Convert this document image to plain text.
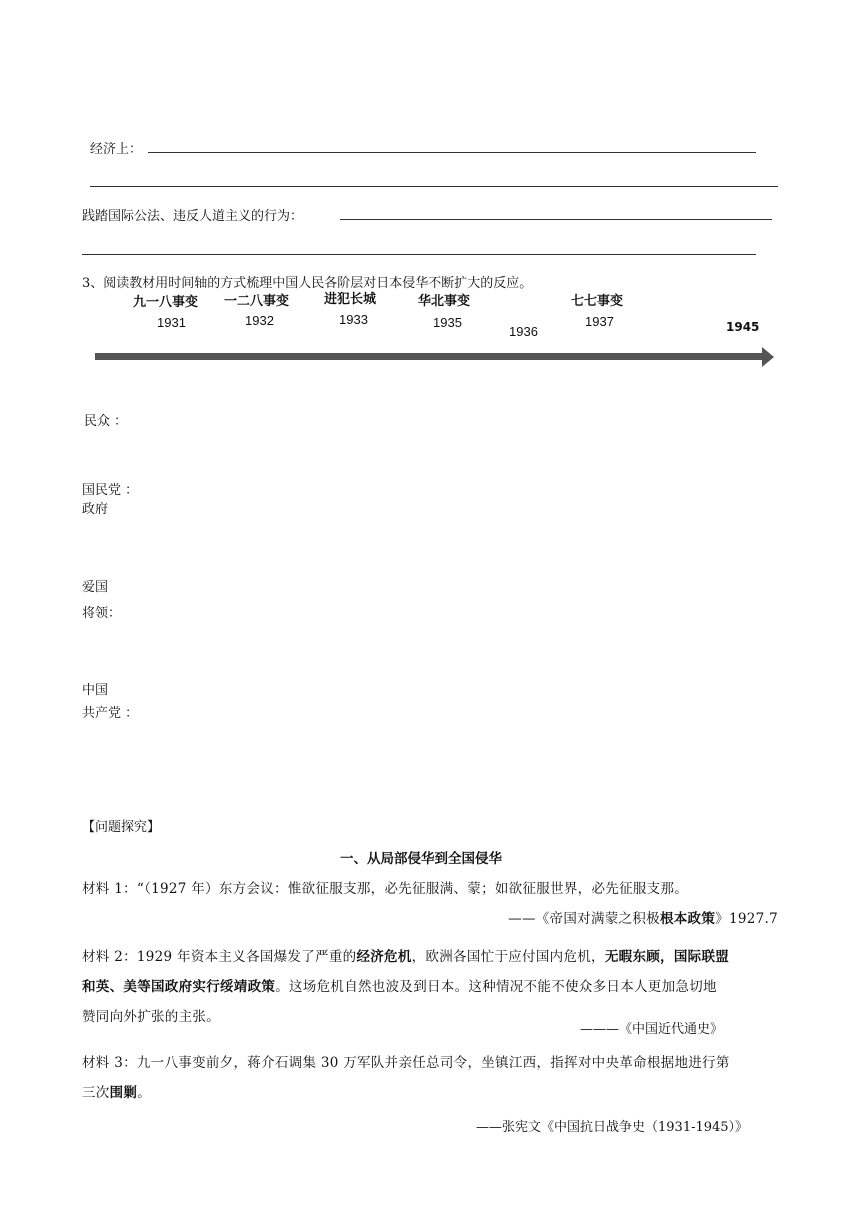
经济上：
践踏国际公法、违反人道主义的行为：
3、阅读教材用时间轴的方式梳理中国人民各阶层对日本侵华不断扩大的反应。
九一八事变 一二八事变	进犯长城	华北事变	七七事变
1931	1932	1933	1935
1936
1937	1945
民众 ：
国民党 ：
政府
爱国
将领：
中国
共产党 ：
【问题探究】
一、从局部侵华到全国侵华
材料 1：“（1927 年）东方会议：惟欲征服支那，必先征服满、蒙；如欲征服世界，必先征服支那。
——《帝国对满蒙之积极根本政策》1927.7
材料 2：1929 年资本主义各国爆发了严重的经济危机，欧洲各国忙于应付国内危机，无暇东顾，国际联盟
和英、美等国政府实行绥靖政策。这场危机自然也波及到日本。这种情况不能不使众多日本人更加急切地
赞同向外扩张的主张。
———《中国近代通史》
材料 3：九一八事变前夕，蒋介石调集 30 万军队并亲任总司令，坐镇江西，指挥对中央革命根据地进行第
三次围剿。
——张宪文《中国抗日战争史（1931-1945）》
